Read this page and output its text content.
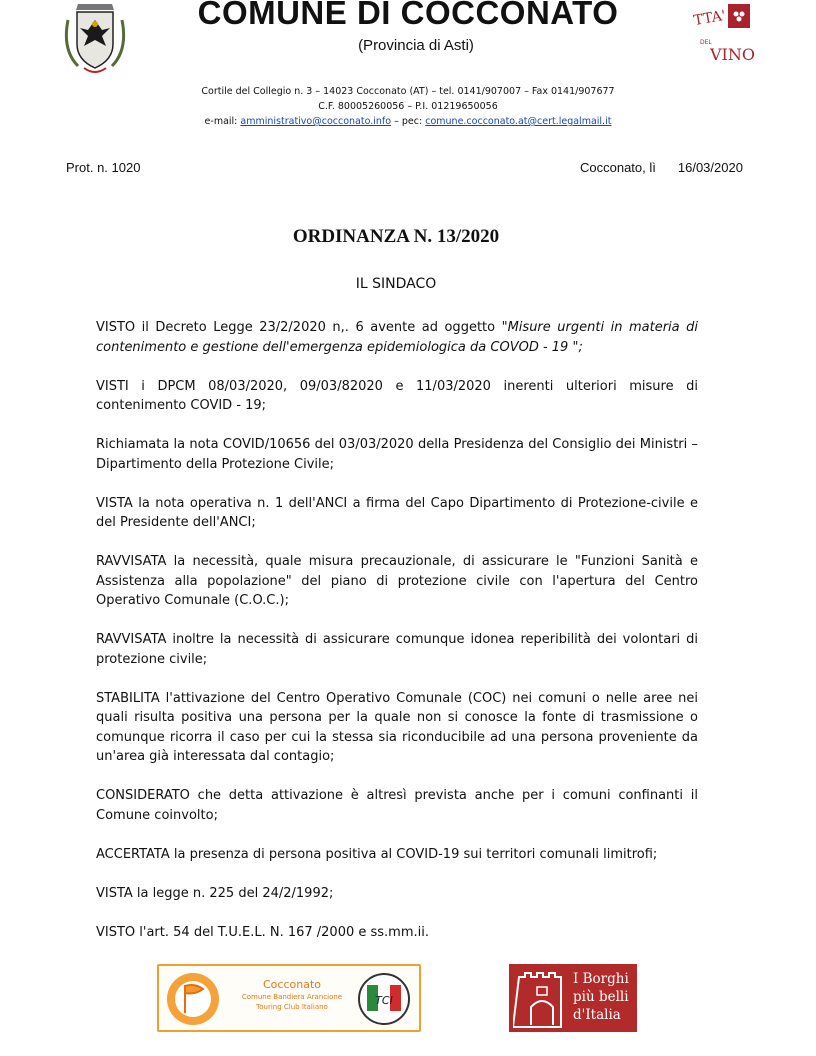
COMUNE DI COCCONATO
(Provincia di Asti)
TTA'
DEL
VINO
Cortile del Collegio n. 3 – 14023 Cocconato (AT) – tel. 0141/907007 – Fax 0141/907677
C.F. 80005260056 – P.I. 01219650056
e-mail: amministrativo@cocconato.info – pec: comune.cocconato.at@cert.legalmail.it
Prot. n. 1020	Cocconato, lì 16/03/2020
ORDINANZA N. 13/2020
IL SINDACO

VISTO il Decreto Legge 23/2/2020 n,. 6 avente ad oggetto "Misure urgenti in materia di contenimento e gestione dell'emergenza epidemiologica da COVOD - 19 ";

VISTI i DPCM 08/03/2020, 09/03/82020 e 11/03/2020 inerenti ulteriori misure di contenimento COVID - 19;

Richiamata la nota COVID/10656 del 03/03/2020 della Presidenza del Consiglio dei Ministri – Dipartimento della Protezione Civile;

VISTA la nota operativa n. 1 dell'ANCI a firma del Capo Dipartimento di Protezione-civile e del Presidente dell'ANCI;

RAVVISATA la necessità, quale misura precauzionale, di assicurare le "Funzioni Sanità e Assistenza alla popolazione" del piano di protezione civile con l'apertura del Centro Operativo Comunale (C.O.C.);

RAVVISATA inoltre la necessità di assicurare comunque idonea reperibilità dei volontari di protezione civile;

STABILITA l'attivazione del Centro Operativo Comunale (COC) nei comuni o nelle aree nei quali risulta positiva una persona per la quale non si conosce la fonte di trasmissione o comunque ricorra il caso per cui la stessa sia riconducibile ad una persona proveniente da un'area già interessata dal contagio;

CONSIDERATO che detta attivazione è altresì prevista anche per i comuni confinanti il Comune coinvolto;

ACCERTATA la presenza di persona positiva al COVID-19 sui territori comunali limitrofi;

VISTA la legge n. 225 del 24/2/1992;

VISTO l'art. 54 del T.U.E.L. N. 167 /2000 e ss.mm.ii.

Cocconato
Comune Bandiera Arancione
Touring Club Italiano	TCI
I Borghi
più belli
d'Italia
